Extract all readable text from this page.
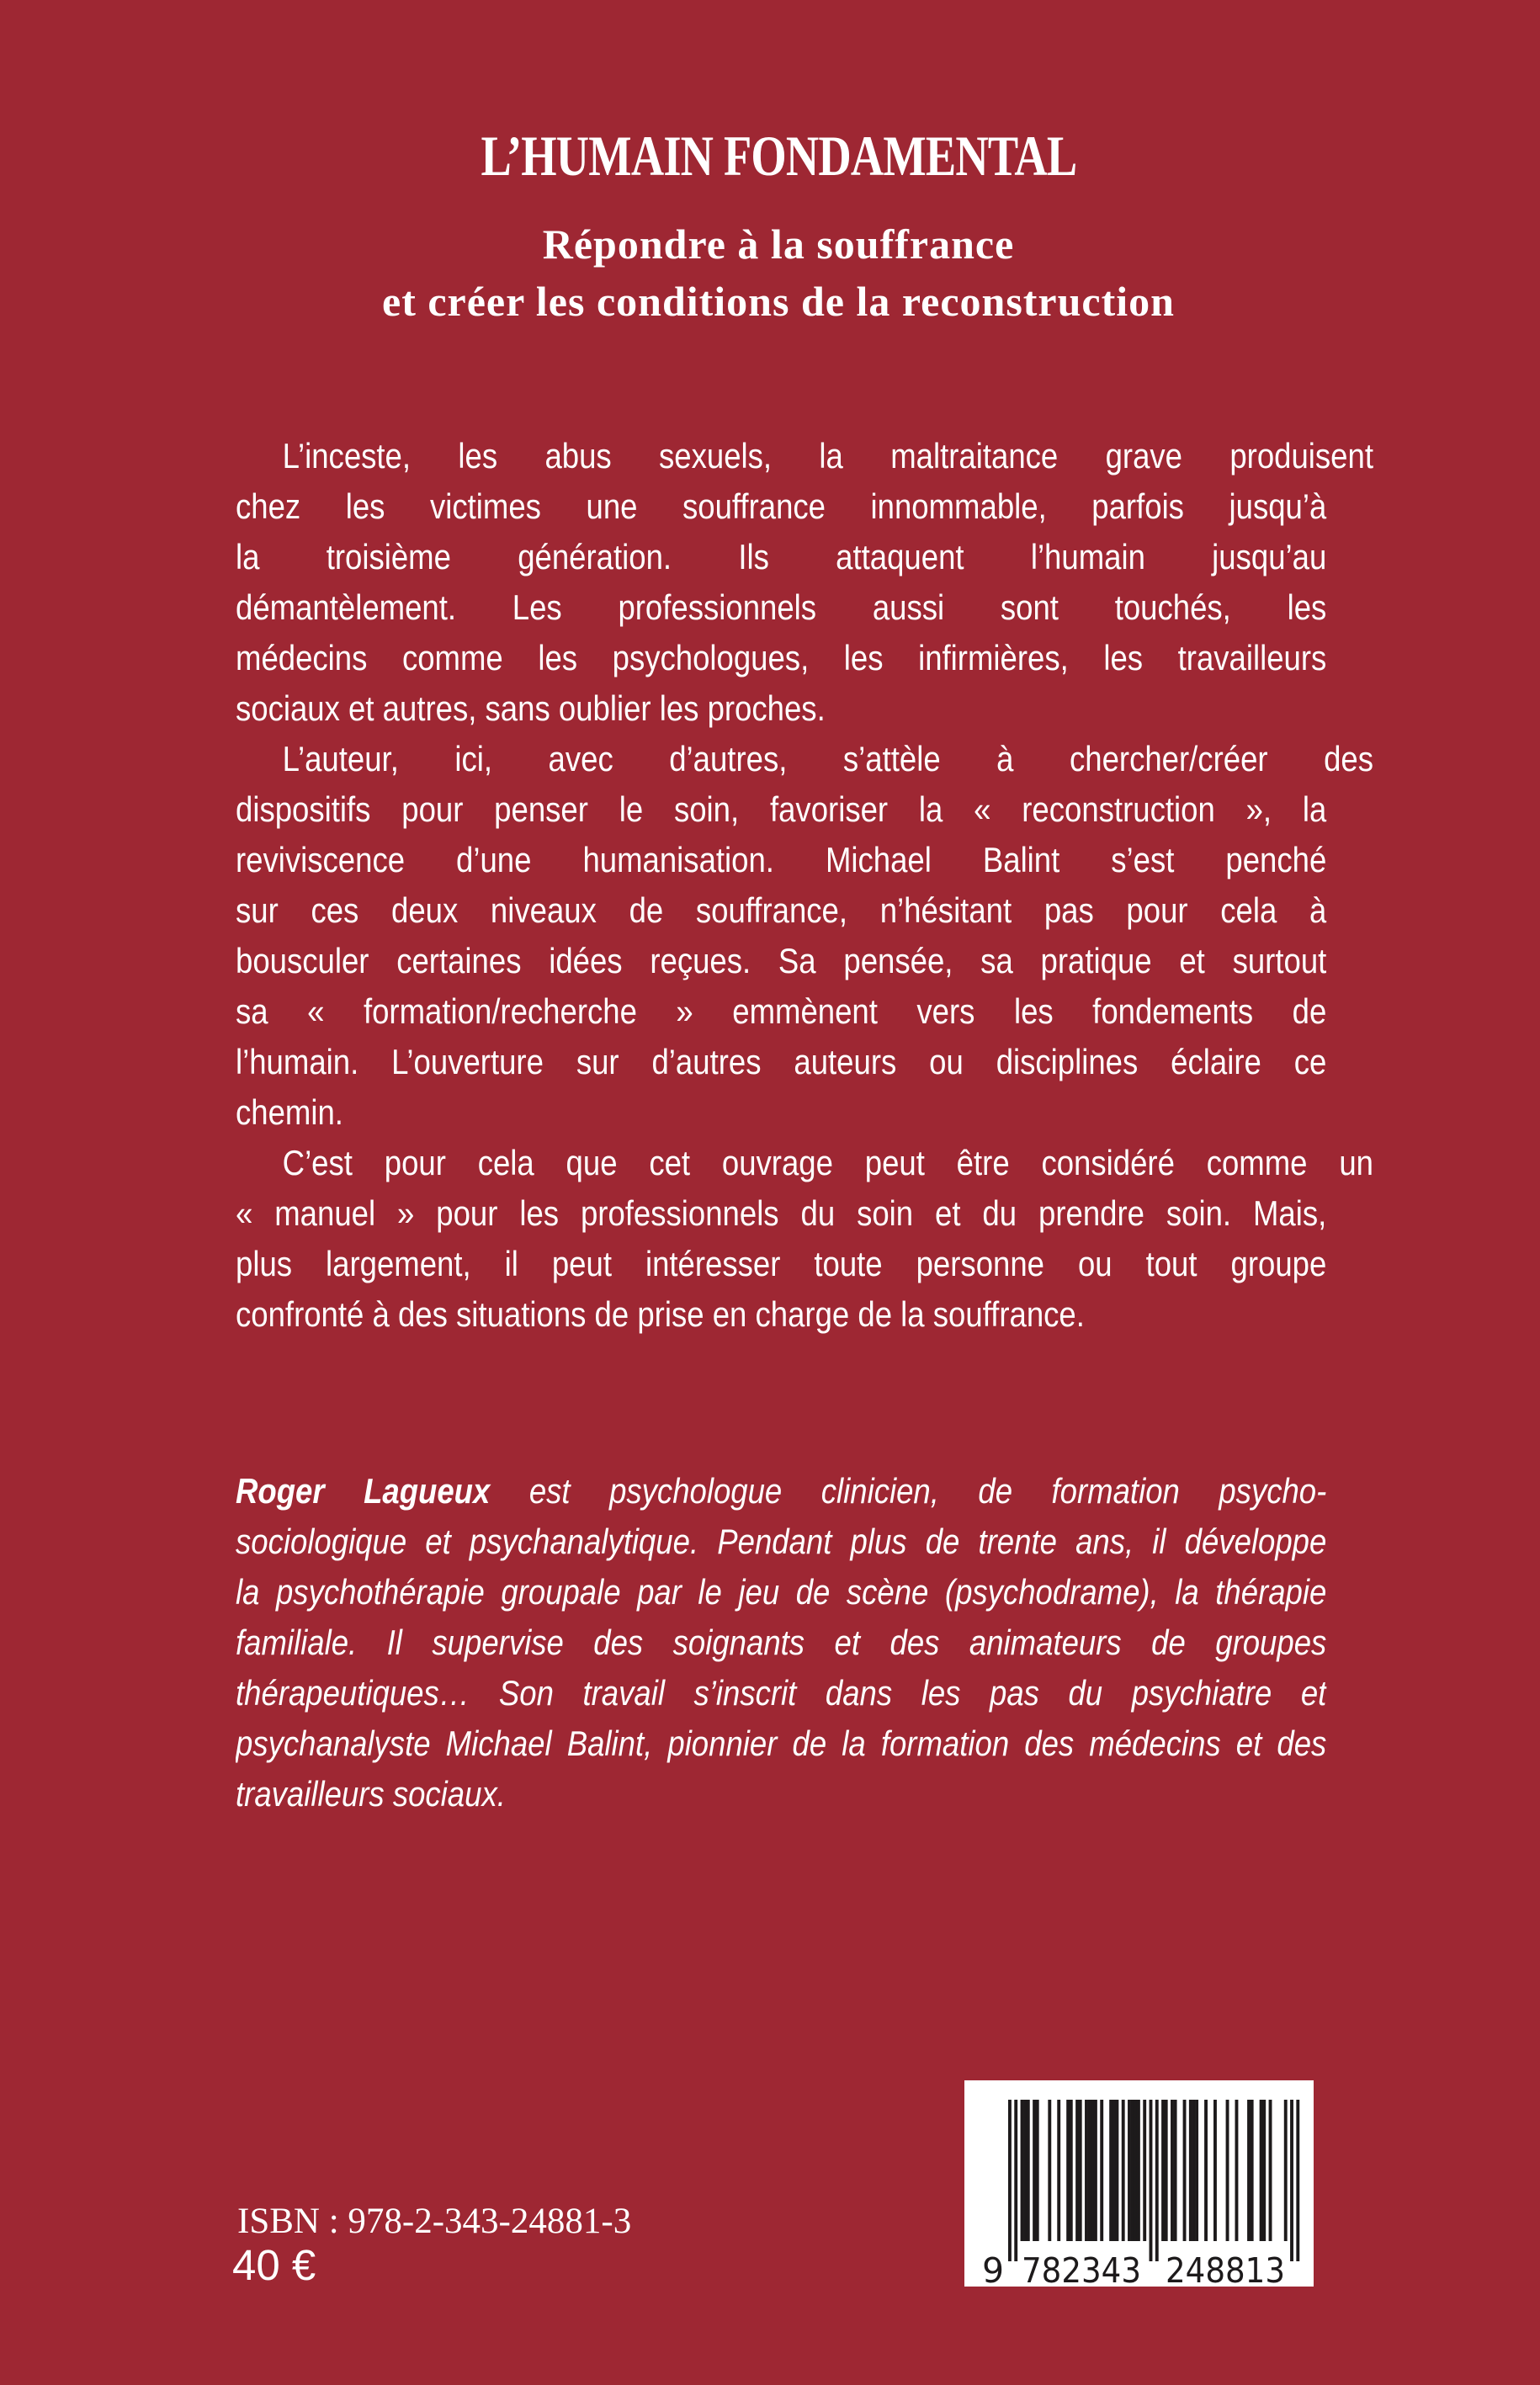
L’HUMAIN FONDAMENTAL
Répondre à la souffrance
et créer les conditions de la reconstruction
L’inceste, les abus sexuels, la maltraitance grave produisent
chez les victimes une souffrance innommable, parfois jusqu’à
la troisième génération. Ils attaquent l’humain jusqu’au
démantèlement. Les professionnels aussi sont touchés, les
médecins comme les psychologues, les infirmières, les travailleurs
sociaux et autres, sans oublier les proches.
L’auteur, ici, avec d’autres, s’attèle à chercher/créer des
dispositifs pour penser le soin, favoriser la « reconstruction », la
reviviscence d’une humanisation. Michael Balint s’est penché
sur ces deux niveaux de souffrance, n’hésitant pas pour cela à
bousculer certaines idées reçues. Sa pensée, sa pratique et surtout
sa « formation/recherche » emmènent vers les fondements de
l’humain. L’ouverture sur d’autres auteurs ou disciplines éclaire ce
chemin.
C’est pour cela que cet ouvrage peut être considéré comme un
« manuel » pour les professionnels du soin et du prendre soin. Mais,
plus largement, il peut intéresser toute personne ou tout groupe
confronté à des situations de prise en charge de la souffrance.
Roger Lagueux est psychologue clinicien, de formation psycho-
sociologique et psychanalytique. Pendant plus de trente ans, il développe
la psychothérapie groupale par le jeu de scène (psychodrame), la thérapie
familiale. Il supervise des soignants et des animateurs de groupes
thérapeutiques… Son travail s’inscrit dans les pas du psychiatre et
psychanalyste Michael Balint, pionnier de la formation des médecins et des
travailleurs sociaux.
ISBN : 978-2-343-24881-3
40 €	9 782343 248813
